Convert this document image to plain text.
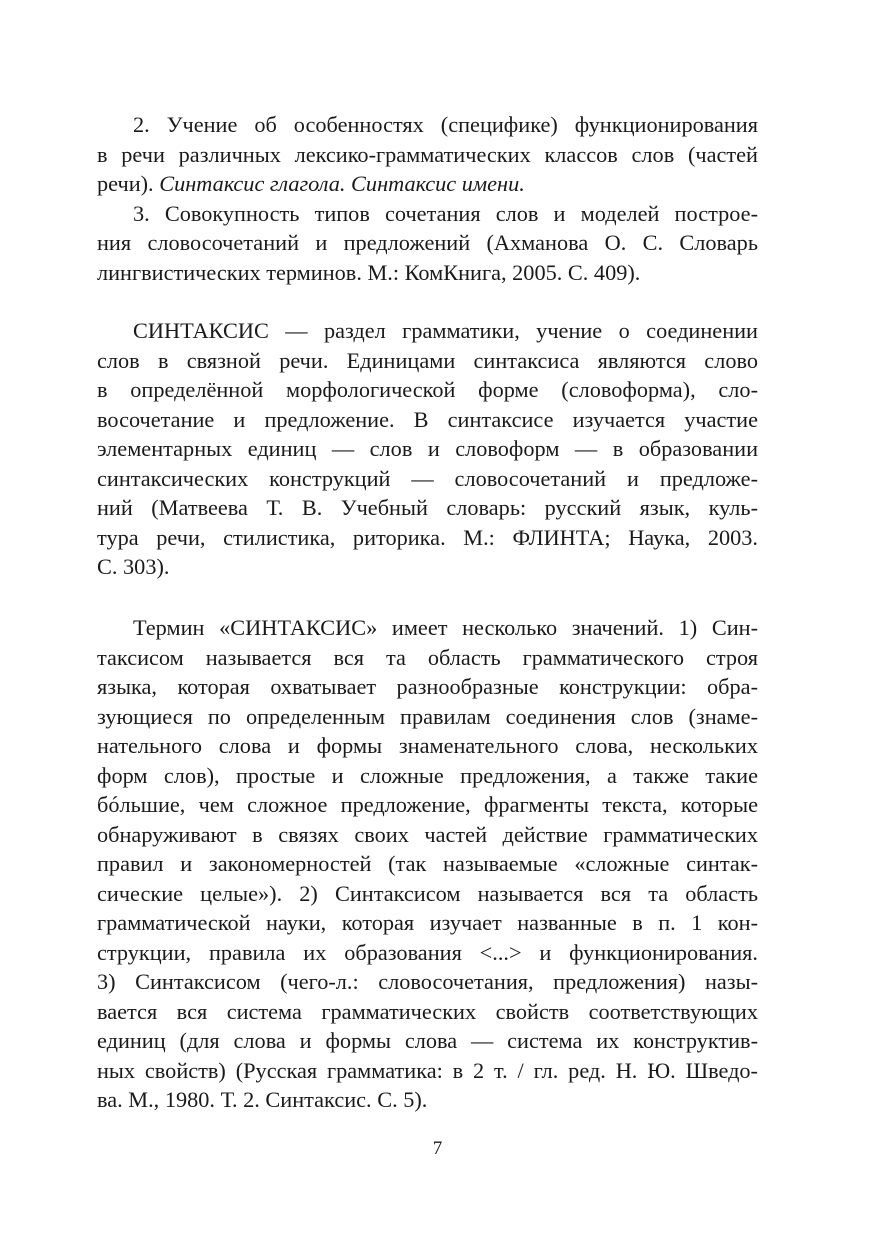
2. Учение об особенностях (специфике) функционирования
в речи различных лексико-грамматических классов слов (частей
речи). Синтаксис глагола. Синтаксис имени.
3. Совокупность типов сочетания слов и моделей построе-
ния словосочетаний и предложений (Ахманова О. С. Словарь
лингвистических терминов. М.: КомКнига, 2005. С. 409).
СИНТАКСИС — раздел грамматики, учение о соединении
слов в связной речи. Единицами синтаксиса являются слово
в определённой морфологической форме (словоформа), сло-
восочетание и предложение. В синтаксисе изучается участие
элементарных единиц — слов и словоформ — в образовании
синтаксических конструкций — словосочетаний и предложе-
ний (Матвеева Т. В. Учебный словарь: русский язык, куль-
тура речи, стилистика, риторика. М.: ФЛИНТА; Наука, 2003.
С. 303).
Термин «СИНТАКСИС» имеет несколько значений. 1) Син-
таксисом называется вся та область грамматического строя
языка, которая охватывает разнообразные конструкции: обра-
зующиеся по определенным правилам соединения слов (знаме-
нательного слова и формы знаменательного слова, нескольких
форм слов), простые и сложные предложения, а также такие
бóльшие, чем сложное предложение, фрагменты текста, которые
обнаруживают в связях своих частей действие грамматических
правил и закономерностей (так называемые «сложные синтак-
сические целые»). 2) Синтаксисом называется вся та область
грамматической науки, которая изучает названные в п. 1 кон-
струкции, правила их образования <...> и функционирования.
3) Синтаксисом (чего-л.: словосочетания, предложения) назы-
вается вся система грамматических свойств соответствующих
единиц (для слова и формы слова — система их конструктив-
ных свойств) (Русская грамматика: в 2 т. / гл. ред. Н. Ю. Шведо-
ва. М., 1980. Т. 2. Синтаксис. С. 5).
7
